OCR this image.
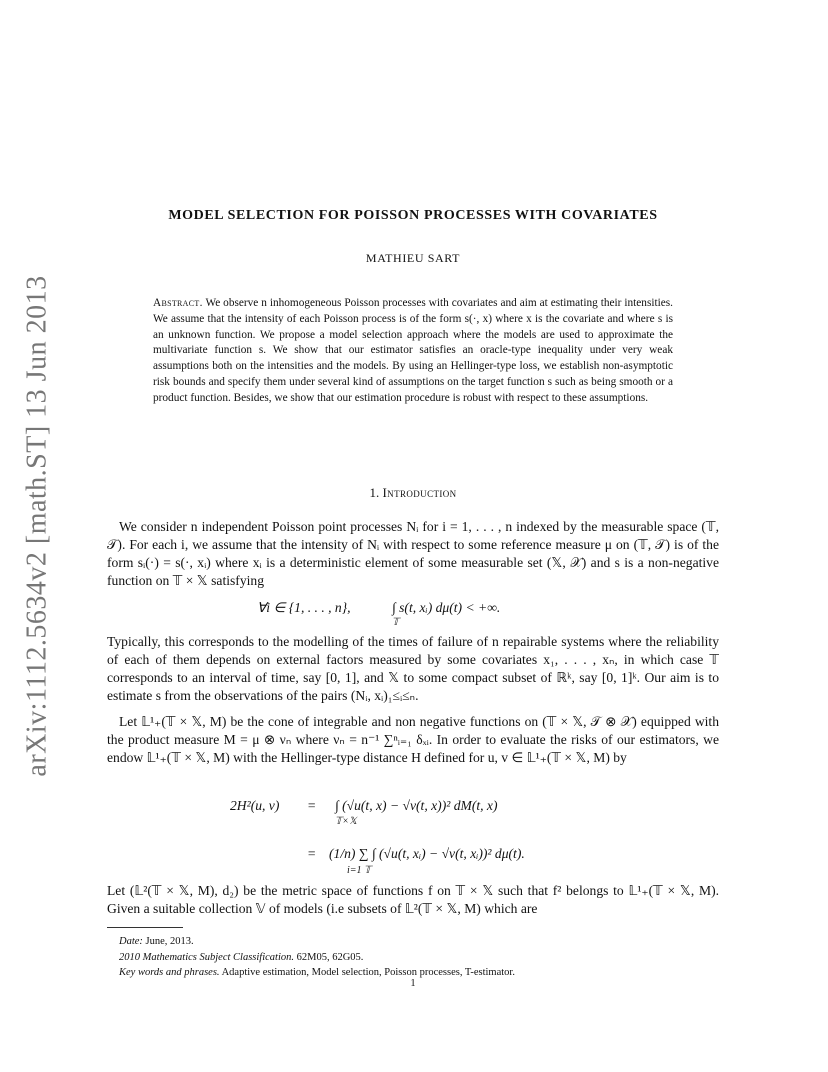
arXiv:1112.5634v2 [math.ST] 13 Jun 2013
MODEL SELECTION FOR POISSON PROCESSES WITH COVARIATES
MATHIEU SART
Abstract. We observe n inhomogeneous Poisson processes with covariates and aim at estimating their intensities. We assume that the intensity of each Poisson process is of the form s(·, x) where x is the covariate and where s is an unknown function. We propose a model selection approach where the models are used to approximate the multivariate function s. We show that our estimator satisfies an oracle-type inequality under very weak assumptions both on the intensities and the models. By using an Hellinger-type loss, we establish non-asymptotic risk bounds and specify them under several kind of assumptions on the target function s such as being smooth or a product function. Besides, we show that our estimation procedure is robust with respect to these assumptions.
1. Introduction
We consider n independent Poisson point processes Nᵢ for i = 1, . . . , n indexed by the measurable space (𝕋, 𝒯). For each i, we assume that the intensity of Nᵢ with respect to some reference measure μ on (𝕋, 𝒯) is of the form sᵢ(·) = s(·, xᵢ) where xᵢ is a deterministic element of some measurable set (𝕏, 𝒳) and s is a non-negative function on 𝕋 × 𝕏 satisfying
∀i ∈ {1, . . . , n},	∫ s(t, xᵢ) dμ(t) < +∞.
𝕋
Typically, this corresponds to the modelling of the times of failure of n repairable systems where the reliability of each of them depends on external factors measured by some covariates x₁, . . . , xₙ, in which case 𝕋 corresponds to an interval of time, say [0, 1], and 𝕏 to some compact subset of ℝᵏ, say [0, 1]ᵏ. Our aim is to estimate s from the observations of the pairs (Nᵢ, xᵢ)₁≤ᵢ≤ₙ.
Let 𝕃¹₊(𝕋 × 𝕏, M) be the cone of integrable and non negative functions on (𝕋 × 𝕏, 𝒯 ⊗ 𝒳) equipped with the product measure M = μ ⊗ νₙ where νₙ = n⁻¹ ∑ⁿᵢ₌₁ δₓᵢ. In order to evaluate the risks of our estimators, we endow 𝕃¹₊(𝕋 × 𝕏, M) with the Hellinger-type distance H defined for u, v ∈ 𝕃¹₊(𝕋 × 𝕏, M) by
2H²(u, v) = ∫ (√u(t, x) − √v(t, x))² dM(t, x)
𝕋×𝕏
= (1/n) ∑ ∫ (√u(t, xᵢ) − √v(t, xᵢ))² dμ(t).
i=1 𝕋
Let (𝕃²(𝕋 × 𝕏, M), d₂) be the metric space of functions f on 𝕋 × 𝕏 such that f² belongs to 𝕃¹₊(𝕋 × 𝕏, M). Given a suitable collection 𝕍 of models (i.e subsets of 𝕃²(𝕋 × 𝕏, M) which are
Date: June, 2013.
2010 Mathematics Subject Classification. 62M05, 62G05.
Key words and phrases. Adaptive estimation, Model selection, Poisson processes, T-estimator.
1
